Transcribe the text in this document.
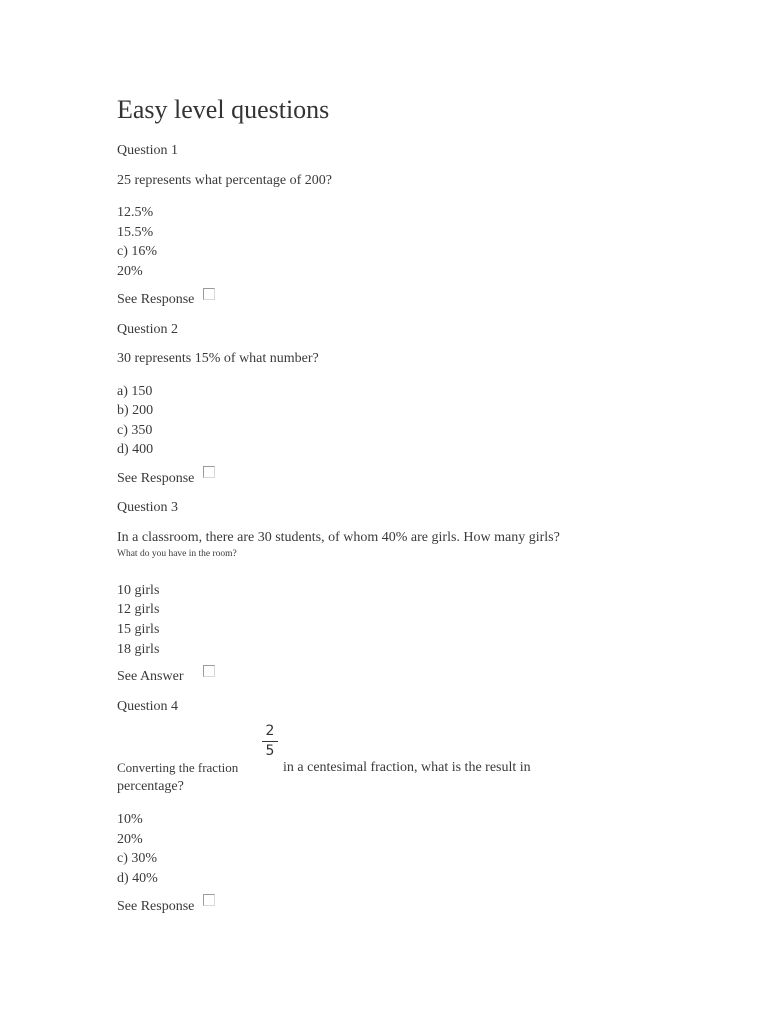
Easy level questions
Question 1
25 represents what percentage of 200?
12.5%
15.5%
c) 16%
20%
See Response
Question 2
30 represents 15% of what number?
a) 150
b) 200
c) 350
d) 400
See Response
Question 3
In a classroom, there are 30 students, of whom 40% are girls. How many girls?
What do you have in the room?
10 girls
12 girls
15 girls
18 girls
See Answer
Question 4
2
5
Converting the fraction	in a centesimal fraction, what is the result in
percentage?
10%
20%
c) 30%
d) 40%
See Response
